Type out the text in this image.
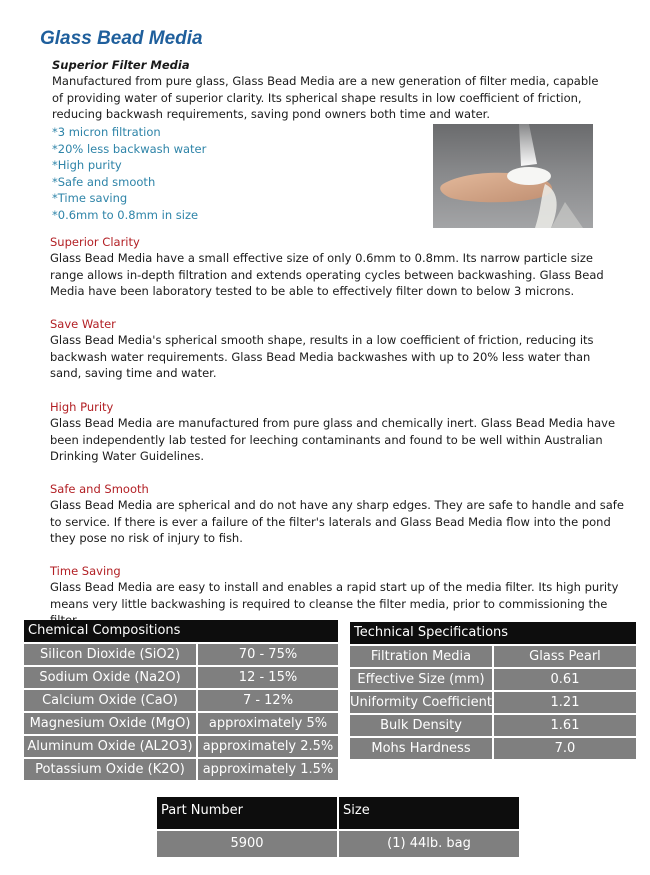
Glass Bead Media
Superior Filter Media
Manufactured from pure glass, Glass Bead Media are a new generation of filter media, capable of providing water of superior clarity. Its spherical shape results in low coefficient of friction, reducing backwash requirements, saving pond owners both time and water.
*3 micron filtration
*20% less backwash water
*High purity
*Safe and smooth
*Time saving
*0.6mm to 0.8mm in size
Superior Clarity

Glass Bead Media have a small effective size of only 0.6mm to 0.8mm. Its narrow particle size range allows in-depth filtration and extends operating cycles between backwashing. Glass Bead Media have been laboratory tested to be able to effectively filter down to below 3 microns.

Save Water

Glass Bead Media's spherical smooth shape, results in a low coefficient of friction, reducing its backwash water requirements. Glass Bead Media backwashes with up to 20% less water than sand, saving time and water.

High Purity

Glass Bead Media are manufactured from pure glass and chemically inert. Glass Bead Media have been independently lab tested for leeching contaminants and found to be well within Australian Drinking Water Guidelines.

Safe and Smooth

Glass Bead Media are spherical and do not have any sharp edges. They are safe to handle and safe to service. If there is ever a failure of the filter's laterals and Glass Bead Media flow into the pond they pose no risk of injury to fish.

Time Saving

Glass Bead Media are easy to install and enables a rapid start up of the media filter. Its high purity means very little backwashing is required to cleanse the filter media, prior to commissioning the

Chemical Compositions
Silicon Dioxide (SiO2)	70 - 75%
Sodium Oxide (Na2O)	12 - 15%
Calcium Oxide (CaO)	7 - 12%
Magnesium Oxide (MgO)	approximately 5%
Aluminum Oxide (AL2O3) approximately 2.5%
Potassium Oxide (K2O)	approximately 1.5%
Technical Specifications
Filtration Media	Glass Pearl
Effective Size (mm)	0.61
Uniformity Coefficient	1.21
Bulk Density	1.61
Mohs Hardness	7.0
Part Number	Size
5900	(1) 44lb. bag
